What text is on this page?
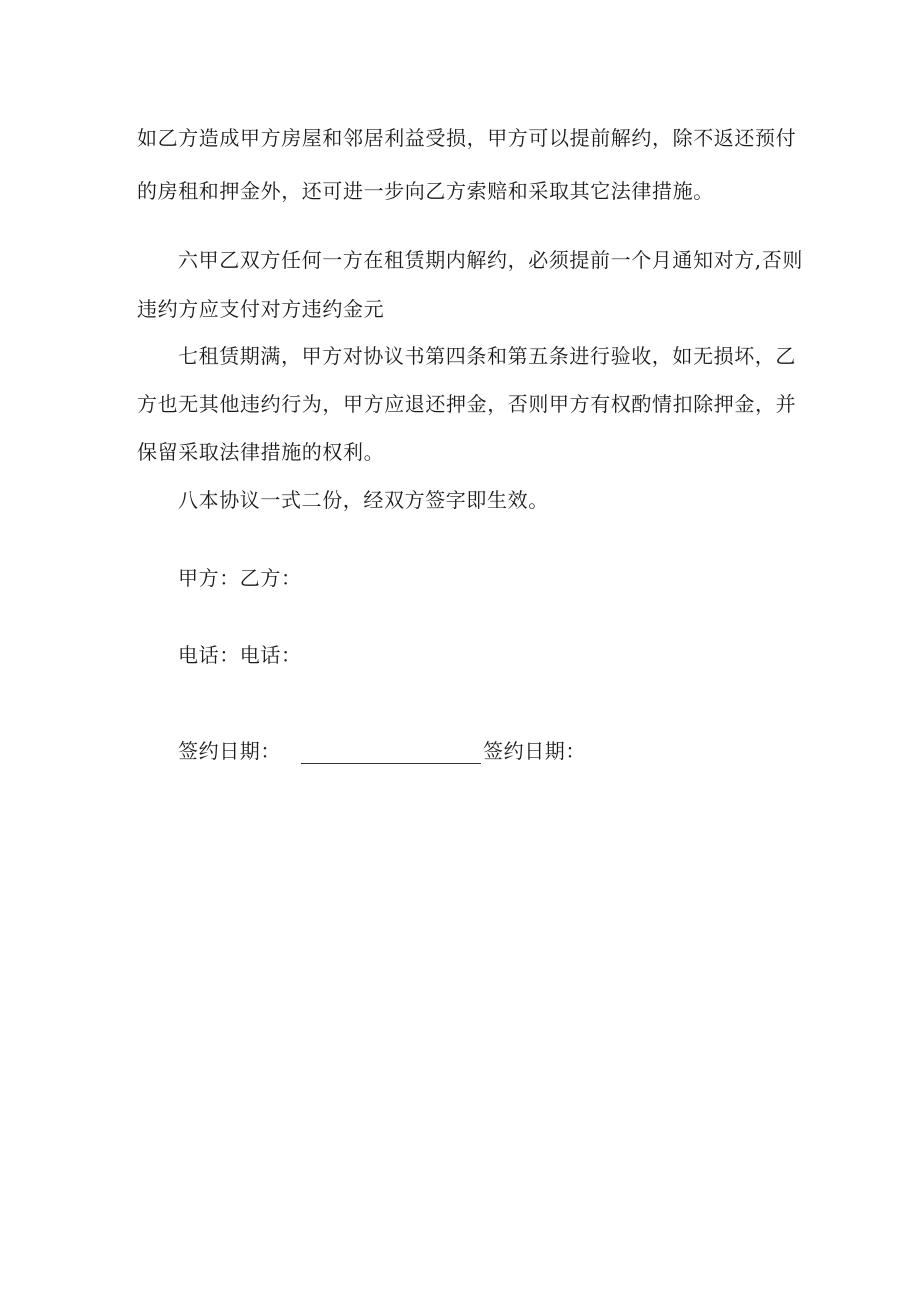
如乙方造成甲方房屋和邻居利益受损，甲方可以提前解约，除不返还预付
的房租和押金外，还可进一步向乙方索赔和采取其它法律措施。
六甲乙双方任何一方在租赁期内解约，必须提前一个月通知对方,否则
违约方应支付对方违约金元
七租赁期满，甲方对协议书第四条和第五条进行验收，如无损坏，乙
方也无其他违约行为，甲方应退还押金，否则甲方有权酌情扣除押金，并
保留采取法律措施的权利。
八本协议一式二份，经双方签字即生效。
甲方：乙方：
电话：电话：
签约日期：	签约日期：
